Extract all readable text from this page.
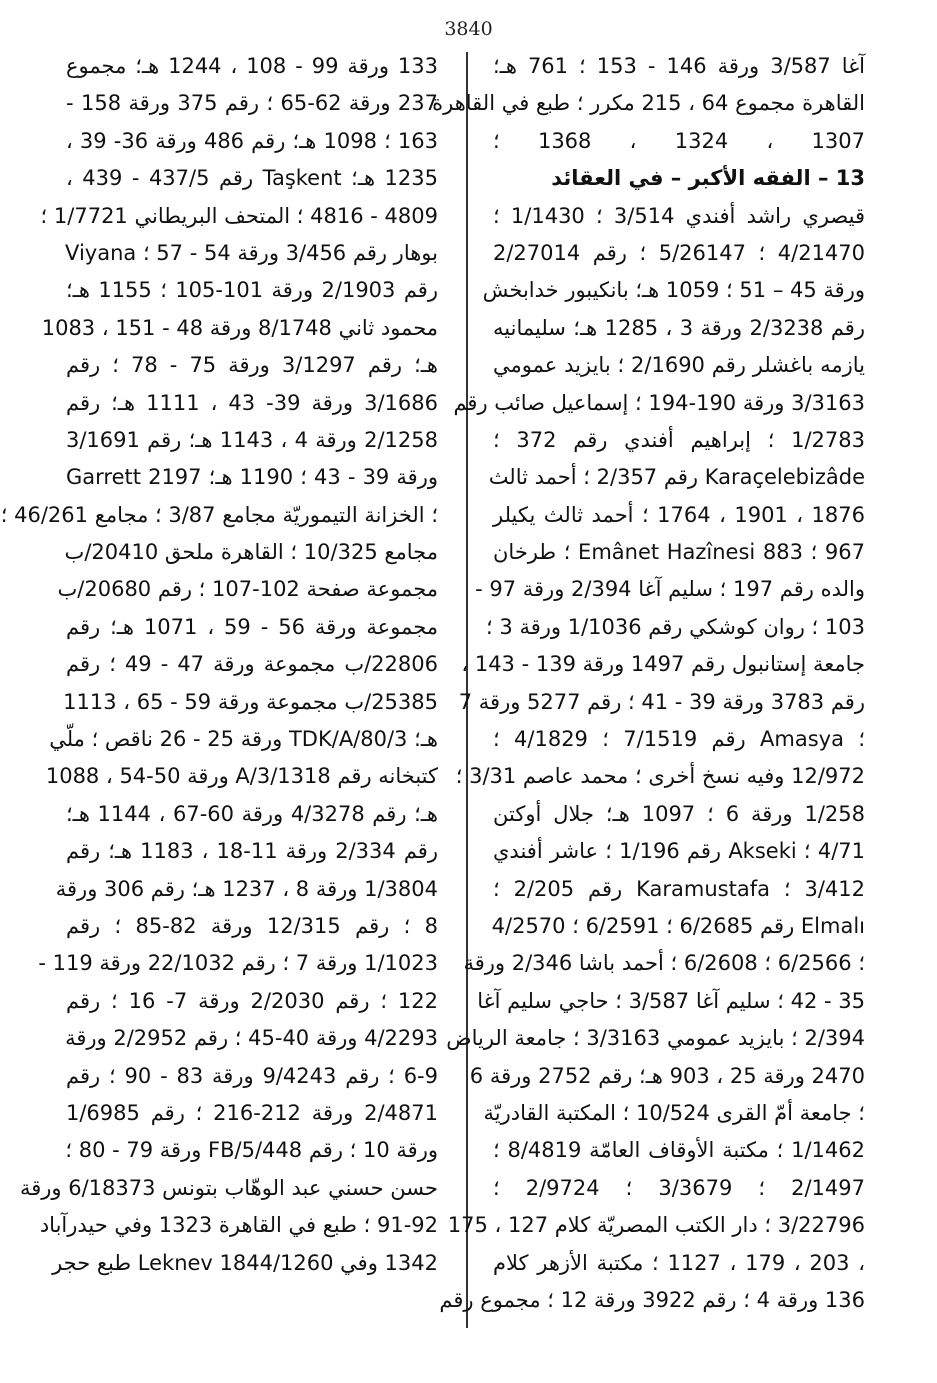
3840
آغا 3/587 ورقة 146 - 153 ؛ 761 هـ؛
القاهرة مجموع 64 ، 215 مكرر ؛ طبع في القاهرة
1307 ، 1324 ، 1368 ؛
13 – الفقه الأكبر – في العقائد
قيصري راشد أفندي 3/514 ؛ 1/1430 ؛
4/21470 ؛ 5/26147 ؛ رقم 2/27014
ورقة 45 – 51 ؛ 1059 هـ؛ بانكيبور خدابخش
رقم 2/3238 ورقة 3 ، 1285 هـ؛ سليمانيه
يازمه باغشلر رقم 2/1690 ؛ بايزيد عمومي
3/3163 ورقة 190-194 ؛ إسماعيل صائب رقم
1/2783 ؛ إبراهيم أفندي رقم 372 ؛
Karaçelebizâde رقم 2/357 ؛ أحمد ثالث
1876 ، 1901 ، 1764 ؛ أحمد ثالث يكيلر
967 ؛ Emânet Hazînesi 883 ؛ طرخان
والده رقم 197 ؛ سليم آغا 2/394 ورقة 97 -
103 ؛ روان كوشكي رقم 1/1036 ورقة 3 ؛
جامعة إستانبول رقم 1497 ورقة 139 - 143 ،
رقم 3783 ورقة 39 - 41 ؛ رقم 5277 ورقة 7
؛ Amasya رقم 7/1519 ؛ 4/1829 ؛
12/972 وفيه نسخ أخرى ؛ محمد عاصم 3/31 ؛
1/258 ورقة 6 ؛ 1097 هـ؛ جلال أوكتن
4/71 ؛ Akseki رقم 1/196 ؛ عاشر أفندي
3/412 ؛ Karamustafa رقم 2/205 ؛
Elmalı رقم 6/2685 ؛ 6/2591 ؛ 4/2570
؛ 6/2566 ؛ 6/2608 ؛ أحمد باشا 2/346 ورقة
35 - 42 ؛ سليم آغا 3/587 ؛ حاجي سليم آغا
2/394 ؛ بايزيد عمومي 3/3163 ؛ جامعة الرياض
2470 ورقة 25 ، 903 هـ؛ رقم 2752 ورقة 6
؛ جامعة أمّ القرى 10/524 ؛ المكتبة القادريّة
1/1462 ؛ مكتبة الأوقاف العامّة 8/4819 ؛
2/1497 ؛ 3/3679 ؛ 2/9724 ؛
3/22796 ؛ دار الكتب المصريّة كلام 127 ، 175
، 203 ، 179 ، 1127 ؛ مكتبة الأزهر كلام
136 ورقة 4 ؛ رقم 3922 ورقة 12 ؛ مجموع رقم
133 ورقة 99 - 108 ، 1244 هـ؛ مجموع
237 ورقة 62-65 ؛ رقم 375 ورقة 158 -
163 ؛ 1098 هـ؛ رقم 486 ورقة 36- 39 ،
1235 هـ؛ Taşkent رقم 437/5 - 439 ،
4809 - 4816 ؛ المتحف البريطاني 1/7721 ؛
بوهار رقم 3/456 ورقة 54 - 57 ؛ Viyana
رقم 2/1903 ورقة 101-105 ؛ 1155 هـ؛
محمود ثاني 8/1748 ورقة 48 - 151 ، 1083
هـ؛ رقم 3/1297 ورقة 75 - 78 ؛ رقم
3/1686 ورقة 39- 43 ، 1111 هـ؛ رقم
2/1258 ورقة 4 ، 1143 هـ؛ رقم 3/1691
ورقة 39 - 43 ؛ 1190 هـ؛ Garrett 2197
؛ الخزانة التيموريّة مجامع 3/87 ؛ مجامع 46/261 ؛
مجامع 10/325 ؛ القاهرة ملحق 20410/ب
مجموعة صفحة 102-107 ؛ رقم 20680/ب
مجموعة ورقة 56 - 59 ، 1071 هـ؛ رقم
22806/ب مجموعة ورقة 47 - 49 ؛ رقم
25385/ب مجموعة ورقة 59 - 65 ، 1113
هـ؛ TDK/A/80/3 ورقة 25 - 26 ناقص ؛ ملّي
كتبخانه رقم A/3/1318 ورقة 50-54 ، 1088
هـ؛ رقم 4/3278 ورقة 60-67 ، 1144 هـ؛
رقم 2/334 ورقة 11-18 ، 1183 هـ؛ رقم
1/3804 ورقة 8 ، 1237 هـ؛ رقم 306 ورقة
8 ؛ رقم 12/315 ورقة 82-85 ؛ رقم
1/1023 ورقة 7 ؛ رقم 22/1032 ورقة 119 -
122 ؛ رقم 2/2030 ورقة 7- 16 ؛ رقم
4/2293 ورقة 40-45 ؛ رقم 2/2952 ورقة
6-9 ؛ رقم 9/4243 ورقة 83 - 90 ؛ رقم
2/4871 ورقة 212-216 ؛ رقم 1/6985
ورقة 10 ؛ رقم FB/5/448 ورقة 79 - 80 ؛
حسن حسني عبد الوهّاب بتونس 6/18373 ورقة
91-92 ؛ طبع في القاهرة 1323 وفي حيدرآباد
1342 وفي Leknev 1844/1260 طبع حجر
